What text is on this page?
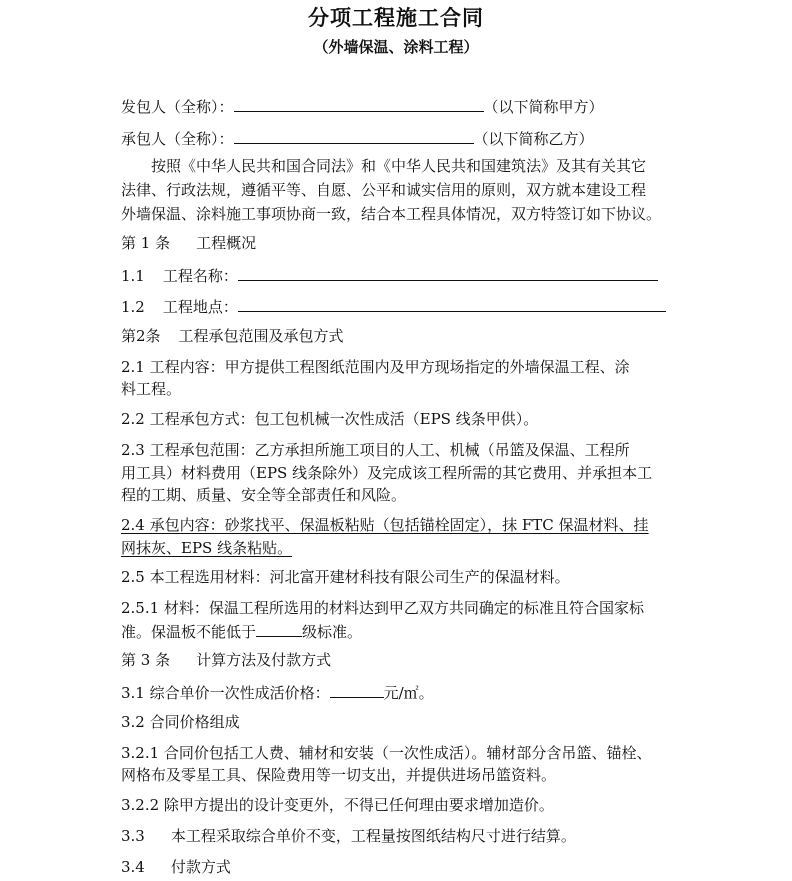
分项工程施工合同
（外墙保温、涂料工程）
发包人（全称）：	（以下简称甲方）
承包人（全称）：	（以下简称乙方）
按照《中华人民共和国合同法》和《中华人民共和国建筑法》及其有关其它
法律、行政法规，遵循平等、自愿、公平和诚实信用的原则，双方就本建设工程
外墙保温、涂料施工事项协商一致，结合本工程具体情况，双方特签订如下协议。
第 1 条 工程概况
1.1 工程名称：
1.2 工程地点：
第2条 工程承包范围及承包方式
2.1 工程内容：甲方提供工程图纸范围内及甲方现场指定的外墙保温工程、涂
料工程。
2.2 工程承包方式：包工包机械一次性成活（EPS 线条甲供）。
2.3 工程承包范围：乙方承担所施工项目的人工、机械（吊篮及保温、工程所
用工具）材料费用（EPS 线条除外）及完成该工程所需的其它费用、并承担本工
程的工期、质量、安全等全部责任和风险。
2.4 承包内容：砂浆找平、保温板粘贴（包括锚栓固定），抹 FTC 保温材料、挂
网抹灰、EPS 线条粘贴。
2.5 本工程选用材料：河北富开建材科技有限公司生产的保温材料。
2.5.1 材料：保温工程所选用的材料达到甲乙双方共同确定的标准且符合国家标
准。保温板不能低于	级标准。
第 3 条 计算方法及付款方式
3.1 综合单价一次性成活价格：	元/㎡。
3.2 合同价格组成
3.2.1 合同价包括工人费、辅材和安装（一次性成活）。辅材部分含吊篮、锚栓、
网格布及零星工具、保险费用等一切支出，并提供进场吊篮资料。
3.2.2 除甲方提出的设计变更外，不得已任何理由要求增加造价。
3.3 本工程采取综合单价不变，工程量按图纸结构尺寸进行结算。
3.4 付款方式
